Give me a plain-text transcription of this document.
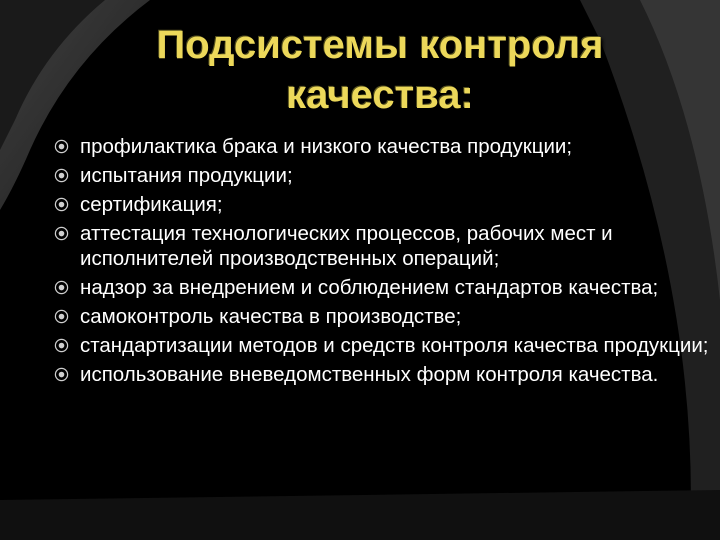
Подсистемы контроля
качества:
профилактика брака и низкого качества продукции;
испытания продукции;
сертификация;
аттестация технологических процессов, рабочих мест и исполнителей производственных операций;
надзор за внедрением и соблюдением стандартов качества;
самоконтроль качества в производстве;
стандартизации методов и средств контроля качества продукции;
использование вневедомственных форм контроля качества.
